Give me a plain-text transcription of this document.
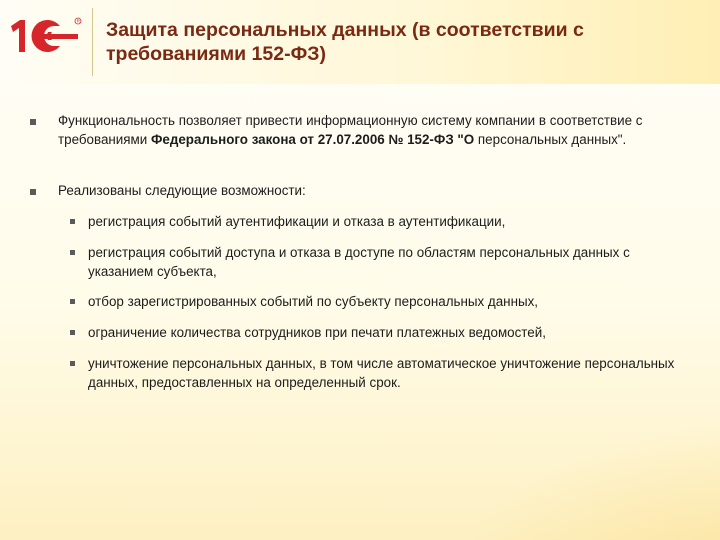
R Защита персональных данных (в соответствии с требованиями 152-ФЗ)
Функциональность позволяет привести информационную систему компании в соответствие с требованиями Федерального закона от 27.07.2006 № 152-ФЗ "О персональных данных".
Реализованы следующие возможности:
регистрация событий аутентификации и отказа в аутентификации,
регистрация событий доступа и отказа в доступе по областям персональных данных с указанием субъекта,
отбор зарегистрированных событий по субъекту персональных данных,
ограничение количества сотрудников при печати платежных ведомостей,
уничтожение персональных данных, в том числе автоматическое уничтожение персональных данных, предоставленных на определенный срок.
